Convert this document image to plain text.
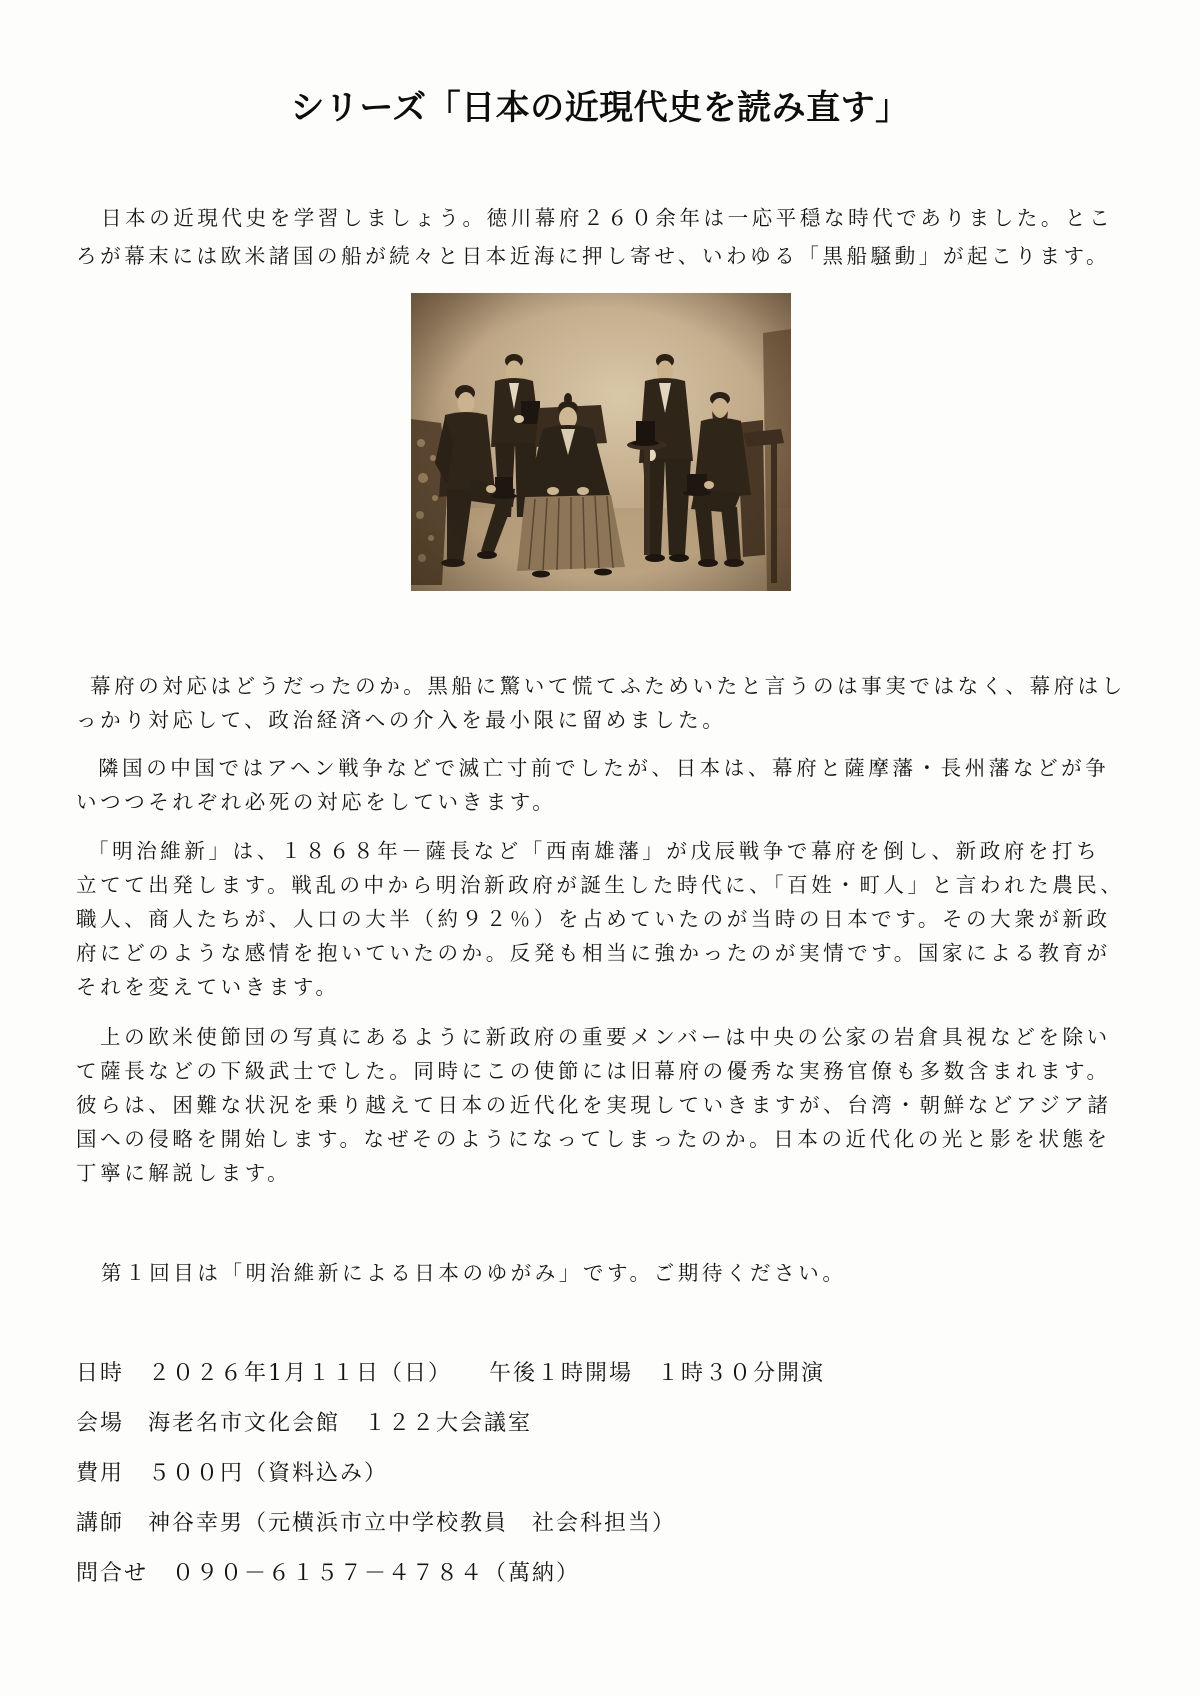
シリーズ「日本の近現代史を読み直す」
日本の近現代史を学習しましょう。徳川幕府２６０余年は一応平穏な時代でありました。とこ
ろが幕末には欧米諸国の船が続々と日本近海に押し寄せ、いわゆる「黒船騒動」が起こります。
幕府の対応はどうだったのか。黒船に驚いて慌てふためいたと言うのは事実ではなく、幕府はし
っかり対応して、政治経済への介入を最小限に留めました。
隣国の中国ではアヘン戦争などで滅亡寸前でしたが、日本は、幕府と薩摩藩・長州藩などが争
いつつそれぞれ必死の対応をしていきます。
「明治維新」は、１８６８年－薩長など「西南雄藩」が戊辰戦争で幕府を倒し、新政府を打ち
立てて出発します。戦乱の中から明治新政府が誕生した時代に、「百姓・町人」と言われた農民、
職人、商人たちが、人口の大半（約９２％）を占めていたのが当時の日本です。その大衆が新政
府にどのような感情を抱いていたのか。反発も相当に強かったのが実情です。国家による教育が
それを変えていきます。
上の欧米使節団の写真にあるように新政府の重要メンバーは中央の公家の岩倉具視などを除い
て薩長などの下級武士でした。同時にこの使節には旧幕府の優秀な実務官僚も多数含まれます。
彼らは、困難な状況を乗り越えて日本の近代化を実現していきますが、台湾・朝鮮などアジア諸
国への侵略を開始します。なぜそのようになってしまったのか。日本の近代化の光と影を状態を
丁寧に解説します。
第１回目は「明治維新による日本のゆがみ」です。ご期待ください。
日時 ２０２６年1月１１日（日）　　午後１時開場　１時３０分開演
会場 海老名市文化会館　１２２大会議室
費用 ５００円（資料込み）
講師 神谷幸男（元横浜市立中学校教員　社会科担当）
問合せ ０９０－６１５７－４７８４（萬納）
